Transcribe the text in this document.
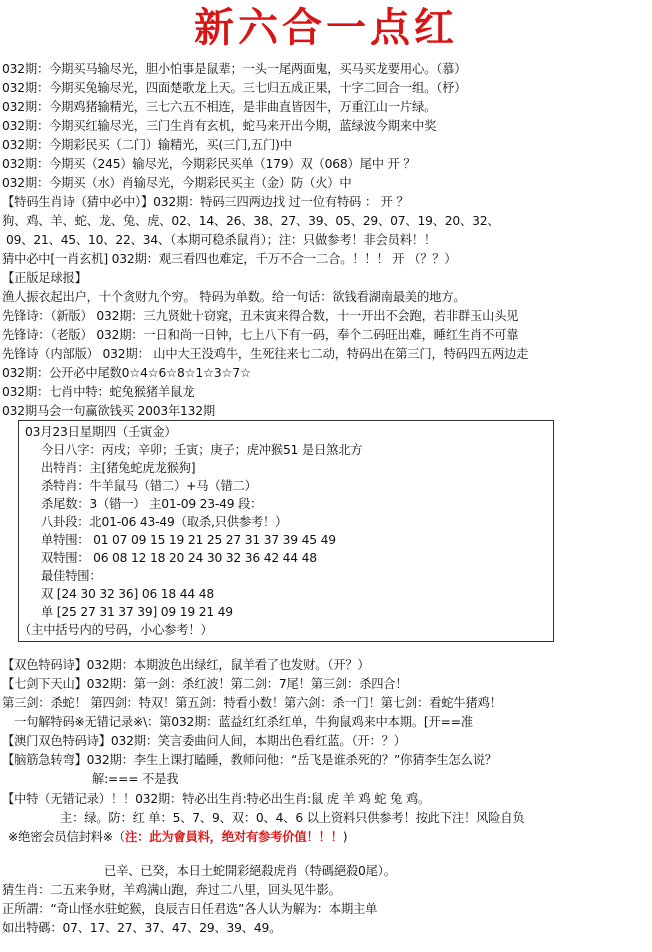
新六合一点红
032期：今期买马输尽光，胆小怕事是鼠辈；一头一尾两面鬼，买马买龙要用心。（慕）
032期：今期买兔输尽光，四面楚歌龙上天。三七归五成正果，十字二回合一组。（杼）
032期：今期鸡猪输精光，三七六五不相连，是非曲直皆因牛，万重江山一片绿。
032期：今期买红输尽光，三门生肖有玄机，蛇马来开出今期，蓝绿波今期来中奖
032期：今期彩民买（二门）输精光，买(三门,五门)中
032期：今期买（245）输尽光，今期彩民买单（179）双（068）尾中 开 ？
032期：今期买（水）肖输尽光，今期彩民买主（金）防（火）中
【特码生肖诗（猜中必中）】032期：特码三四两边找 过一位有特码 ： 开 ？
狗、鸡、羊、蛇、龙、兔、虎、02、14、26、38、27、39、05、29、07、19、20、32、
09、21、45、10、22、34、（本期可稳杀鼠肖）；注：只做参考！非会员料！！
猜中必中[一肖玄机] 032期：观三看四也难定，千万不合一二合。！！！ 开 （？？）
【正版足球报】
渔人振衣起出户，十个贪财九个穷。 特码为单数。给一句话：欲钱看湖南最美的地方。
先锋诗：（新版） 032期：三九贤妣十窃窕，丑未寅来得合数，十一开出不会跑，若非群玉山头见
先锋诗：（老版） 032期：一日和尚一日钟，七上八下有一码，奉个二码旺出难，睡红生肖不可靠
先锋诗（内部版） 032期： 山中大王没鸡牛，生死往来七二动，特码出在第三门，特码四五两边走
032期：公开必中尾数0☆4☆6☆8☆1☆3☆7☆
032期：七肖中特：蛇兔猴猪羊鼠龙
032期马会一句赢欲钱买 2003年132期
03月23日星期四（壬寅金）
今日八字：丙戌；辛卯；壬寅；庚子；虎冲猴51 是日煞北方
出特肖：主[猪兔蛇虎龙猴狗]
杀特肖：牛羊鼠马（错二）+马（错二）
杀尾数：3（错一） 主01-09 23-49 段：
八卦段：北01-06 43-49（取杀,只供参考！）
单特围： 01 07 09 15 19 21 25 27 31 37 39 45 49
双特围： 06 08 12 18 20 24 30 32 36 42 44 48
最佳特围：
双 [24 30 32 36] 06 18 44 48
单 [25 27 31 37 39] 09 19 21 49
（主中括号内的号码，小心参考！）
【双色特码诗】032期：本期波色出绿红，鼠羊看了也发财。（开？）
【七剑下天山】032期：第一剑：杀红波！第二剑：7尾！第三剑：杀四合！
第三剑：杀蛇！ 第四剑：特双！第五剑：特看小数！第六剑：杀一门！第七剑：看蛇牛猪鸡！
一句解特码※无错记录※\：第032期：蓝益红红杀红单，牛狗鼠鸡来中本期。[开==准
【澳门双色特码诗】032期：笑言委曲问人间，本期出色看红蓝。（开：？）
【脑筋急转弯】032期：李生上课打瞌睡，教师问他：“岳飞是谁杀死的？”你猜李生怎么说？
解:=== 不是我
【中特（无错记录）！！032期：特必出生肖:特必出生肖:鼠 虎 羊 鸡 蛇 兔 鸡。
主：绿。防：红 单：5、7、9、双：0、4、6 以上资料只供参考！按此下注！风险自负
※绝密会员信封料※（注：此为會員料，绝对有参考价值！！！)
已辛、已癸，本日土蛇開彩絕殺虎肖（特碼絕殺0尾）。
猜生肖：二五来争财，羊鸡满山跑，奔过二八里，回头见牛影。
正所謂：“奇山怪水驻蛇猴，良辰吉日任君选”各人认为解为：本期主单
如出特碼：07、17、27、37、47、29、39、49。
